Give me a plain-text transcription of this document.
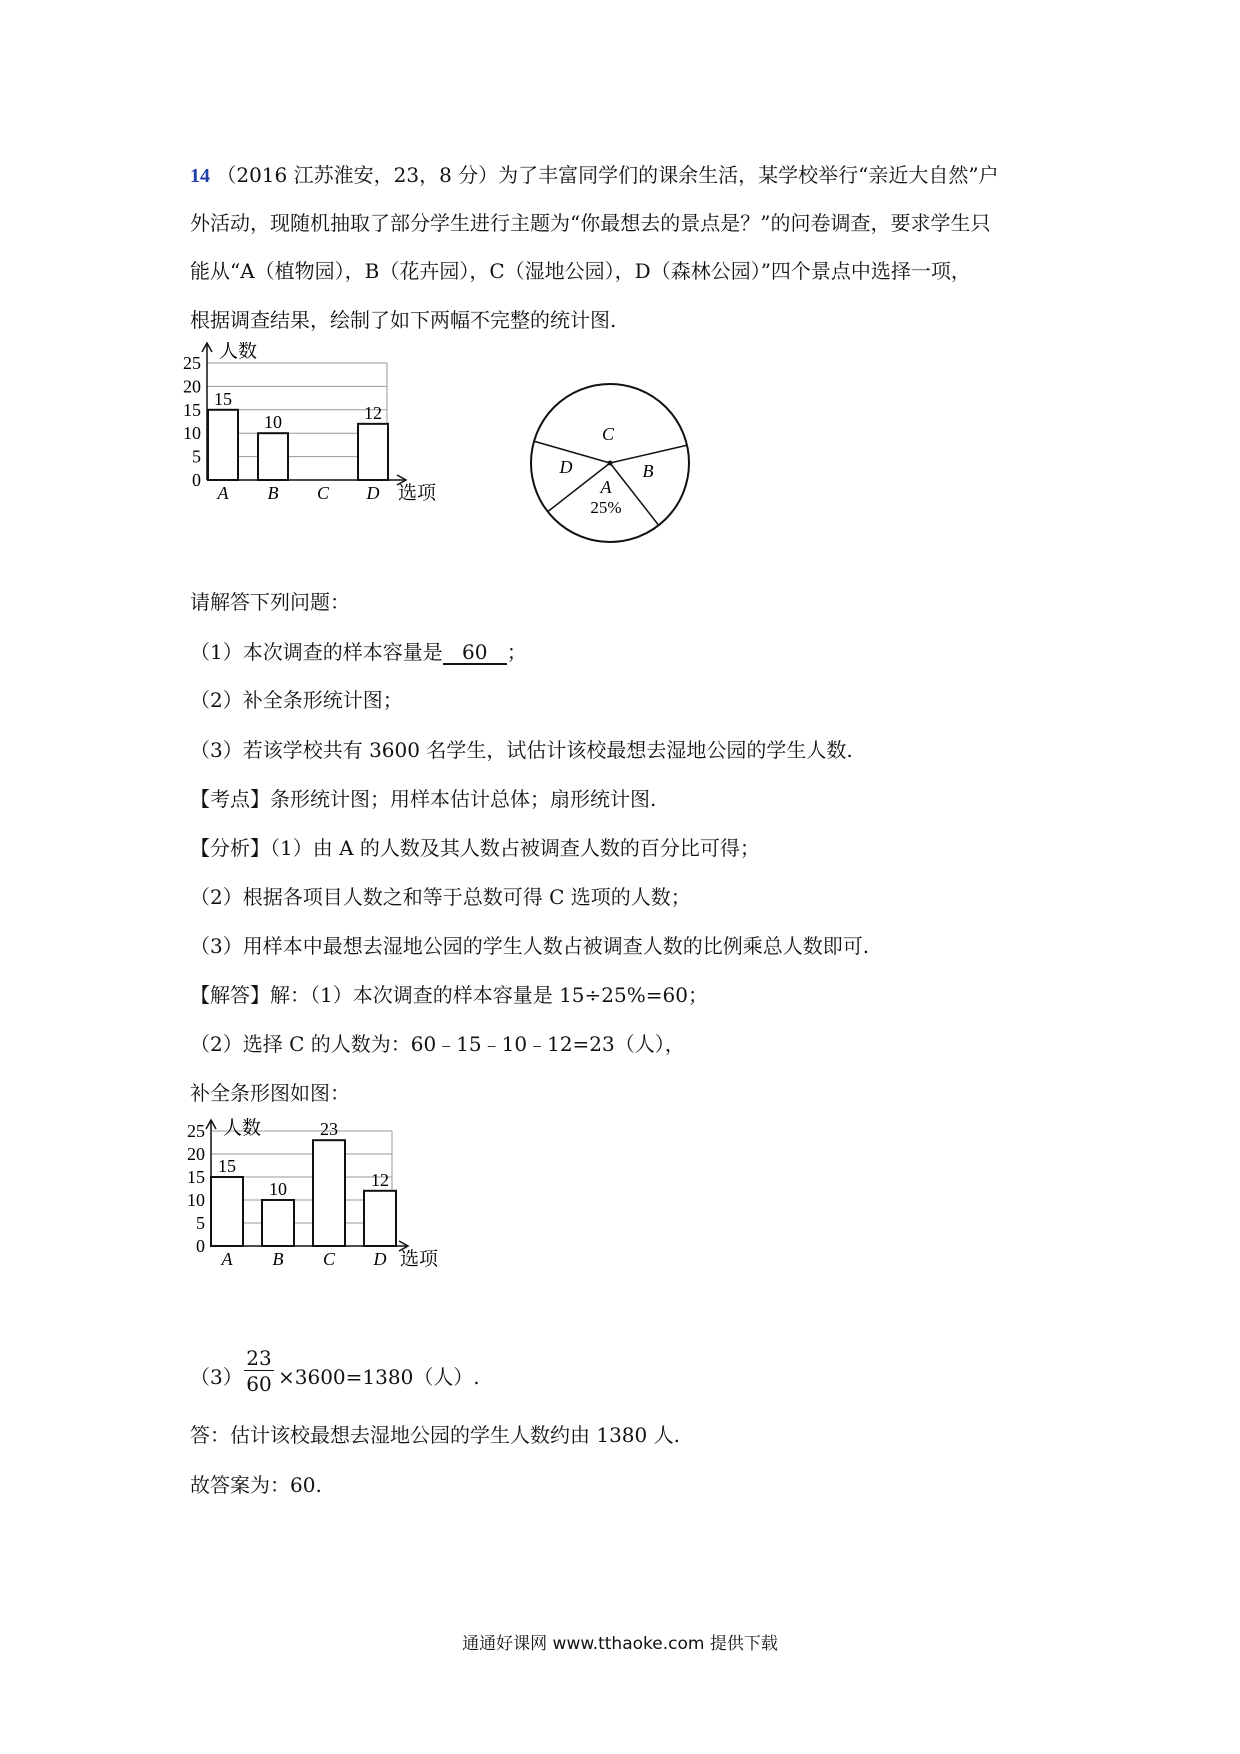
14 （2016 江苏淮安，23，8 分）为了丰富同学们的课余生活，某学校举行“亲近大自然”户
外活动，现随机抽取了部分学生进行主题为“你最想去的景点是？”的问卷调查，要求学生只
能从“A（植物园），B（花卉园），C（湿地公园），D（森林公园）”四个景点中选择一项，
根据调查结果，绘制了如下两幅不完整的统计图.
人数
选项
0
5
10
15
20
25
15
A
10
B C
12
D	A
B
C
D
25%
请解答下列问题：
（1）本次调查的样本容量是 60 ；
（2）补全条形统计图；
（3）若该学校共有 3600 名学生，试估计该校最想去湿地公园的学生人数.
【考点】条形统计图；用样本估计总体；扇形统计图.
【分析】（1）由 A 的人数及其人数占被调查人数的百分比可得；
（2）根据各项目人数之和等于总数可得 C 选项的人数；
（3）用样本中最想去湿地公园的学生人数占被调查人数的比例乘总人数即可.
【解答】解：（1）本次调查的样本容量是 15÷25%=60；
（2）选择 C 的人数为：60﹣15﹣10﹣12=23（人），
补全条形图如图：
人数
选项
0
5
10
15
20
25
15
A
10
B
23
C
12
D
$(3) \frac{23}{60} \times 3600=1380$（人）.
答：估计该校最想去湿地公园的学生人数约由 1380 人.
故答案为：60.
通通好课网 www.tthaoke.com 提供下载
